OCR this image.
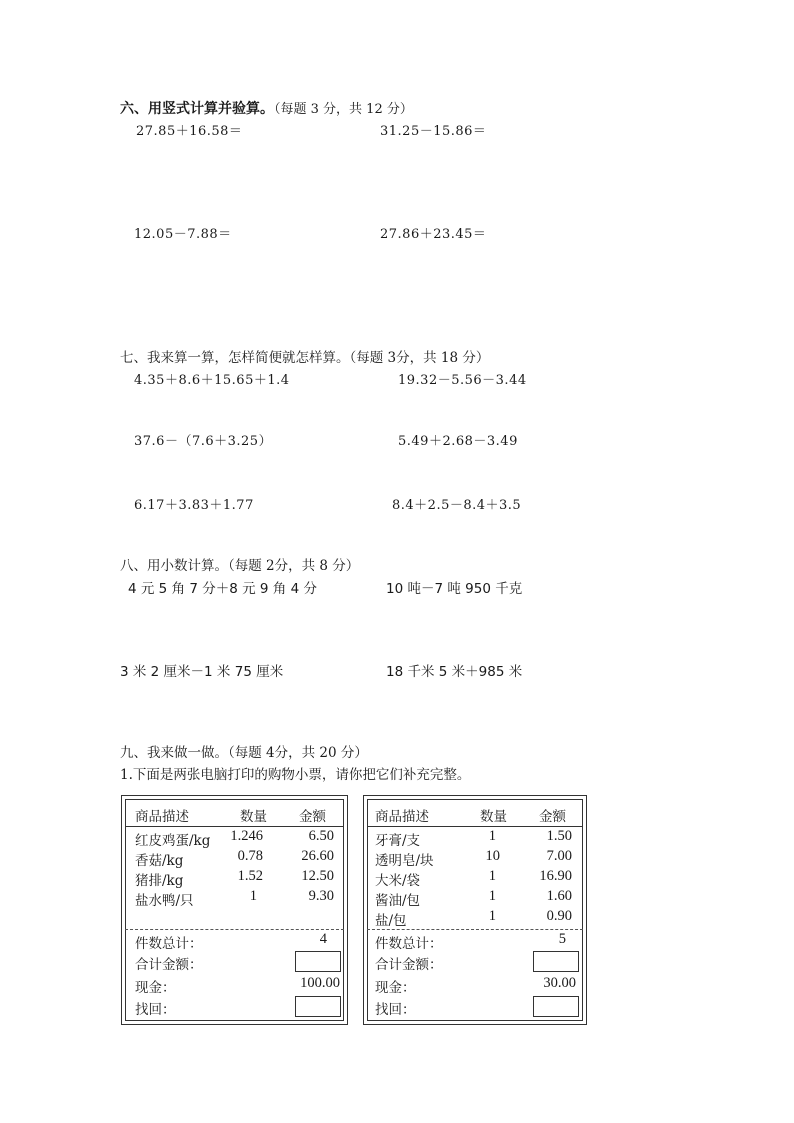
六、用竖式计算并验算。（每题 3 分，共 12 分）
27.85＋16.58＝	31.25－15.86＝
12.05－7.88＝	27.86＋23.45＝
七、我来算一算，怎样简便就怎样算。（每题 3分，共 18 分）
4.35＋8.6＋15.65＋1.4	19.32－5.56－3.44
37.6－（7.6＋3.25）	5.49＋2.68－3.49
6.17＋3.83＋1.77	8.4＋2.5－8.4＋3.5
八、用小数计算。（每题 2分，共 8 分）
4 元 5 角 7 分＋8 元 9 角 4 分	10 吨－7 吨 950 千克
3 米 2 厘米－1 米 75 厘米	18 千米 5 米＋985 米
九、我来做一做。（每题 4分，共 20 分）
1.下面是两张电脑打印的购物小票，请你把它们补充完整。
商品描述	数量 金额
红皮鸡蛋/kg 1.246	6.50
香菇/kg	0.78	26.60
猪排/kg	1.52	12.50
盐水鸭/只	1	9.30
件数总计：	4
合计金额：
现金：	100.00
找回：
商品描述	数量 金额
牙膏/支	1	1.50
透明皂/块	10	7.00
大米/袋	1	16.90
酱油/包	1	1.60
盐/包	1	0.90
件数总计：	5
合计金额：
现金：	30.00
找回：
